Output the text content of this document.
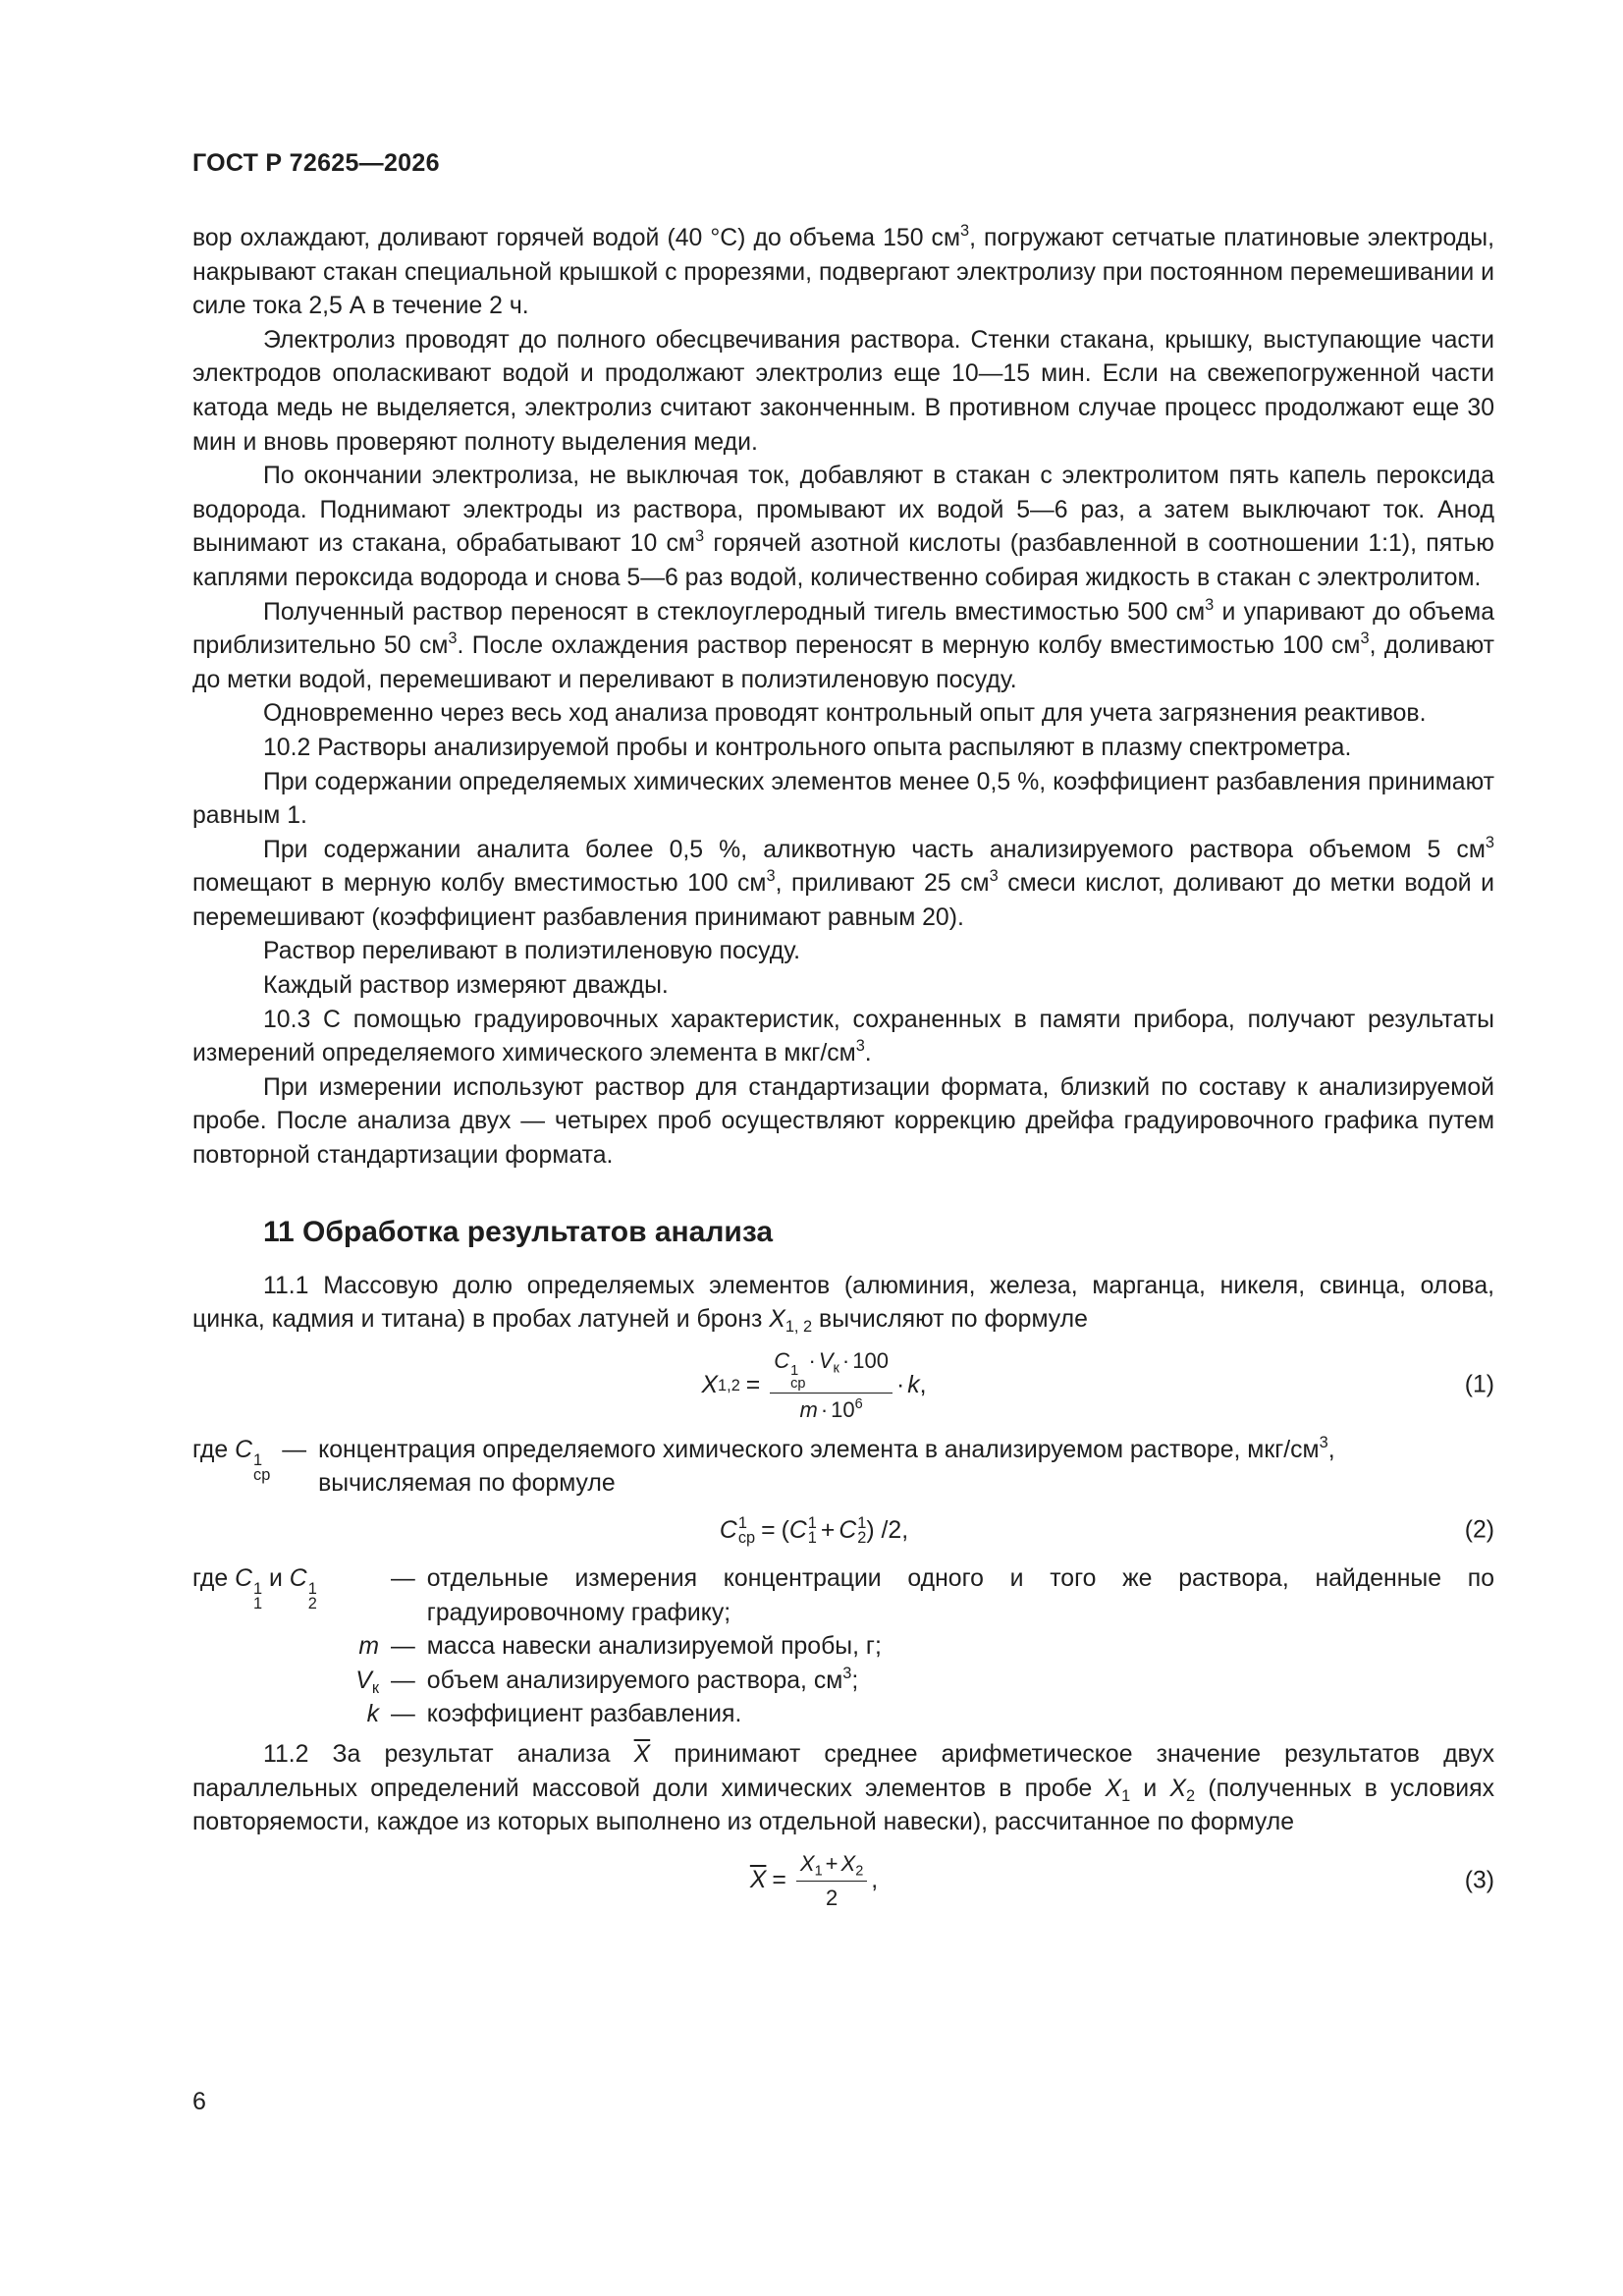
ГОСТ Р 72625—2026

вор охлаждают, доливают горячей водой (40 °С) до объема 150 $см^3$, погружают сетчатые платиновые электроды, накрывают стакан специальной крышкой с прорезями, подвергают электролизу при постоянном перемешивании и силе тока 2,5 А в течение 2 ч.

Электролиз проводят до полного обесцвечивания раствора. Стенки стакана, крышку, выступающие части электродов ополаскивают водой и продолжают электролиз еще 10—15 мин. Если на свежепогруженной части катода медь не выделяется, электролиз считают законченным. В противном случае процесс продолжают еще 30 мин и вновь проверяют полноту выделения меди.

По окончании электролиза, не выключая ток, добавляют в стакан с электролитом пять капель пероксида водорода. Поднимают электроды из раствора, промывают их водой 5—6 раз, а затем выключают ток. Анод вынимают из стакана, обрабатывают 10 $см^3$ горячей азотной кислоты (разбавленной в соотношении 1:1), пятью каплями пероксида водорода и снова 5—6 раз водой, количественно собирая жидкость в стакан с электролитом.

Полученный раствор переносят в стеклоуглеродный тигель вместимостью 500 $см^3$ и упаривают до объема приблизительно 50 $см^3$. После охлаждения раствор переносят в мерную колбу вместимостью 100 $см^3$, доливают до метки водой, перемешивают и переливают в полиэтиленовую посуду.

Одновременно через весь ход анализа проводят контрольный опыт для учета загрязнения реактивов.

10.2 Растворы анализируемой пробы и контрольного опыта распыляют в плазму спектрометра.

При содержании определяемых химических элементов менее 0,5 %, коэффициент разбавления принимают равным 1.

При содержании аналита более 0,5 %, аликвотную часть анализируемого раствора объемом 5 $см^3$ помещают в мерную колбу вместимостью 100 $см^3$, приливают 25 $см^3$ смеси кислот, доливают до метки водой и перемешивают (коэффициент разбавления принимают равным 20).

Раствор переливают в полиэтиленовую посуду.

Каждый раствор измеряют дважды.

10.3 С помощью градуировочных характеристик, сохраненных в памяти прибора, получают результаты измерений определяемого химического элемента в мкг/$см^3$.

При измерении используют раствор для стандартизации формата, близкий по составу к анализируемой пробе. После анализа двух — четырех проб осуществляют коррекцию дрейфа градуировочного графика путем повторной стандартизации формата.

11 Обработка результатов анализа

11.1 Массовую долю определяемых элементов (алюминия, железа, марганца, никеля, свинца, олова, цинка, кадмия и титана) в пробах латуней и бронз $X_{1, 2}$ вычисляют по формуле

X 1,2 = C 1
ср
· $V_к \cdot 100$
$m \cdot 10^6 \cdot k$ ,	(1)
где C 1
ср
— концентрация определяемого химического элемента в анализируемом растворе, мкг/$см^3$,
вычисляемая по формуле
C 1
ср = ( C 1
1 + C 1
2 ) /2,	(2)
где C 1
1
и C 1
2
— отдельные измерения концентрации одного и того же раствора, найденные по градуировочному графику;
m — масса навески анализируемой пробы, г;
$V_к$ — объем анализируемого раствора, $см^3$;
k — коэффициент разбавления.

11.2 За результат анализа $\overline{X}$ принимают среднее арифметическое значение результатов двух параллельных определений массовой доли химических элементов в пробе $X_1$ и $X_2$ (полученных в условиях повторяемости, каждое из которых выполнено из отдельной навески), рассчитанное по формуле

$\overline{X} = \frac{X_1 + X_2}{2}$ ,	(3)
6
